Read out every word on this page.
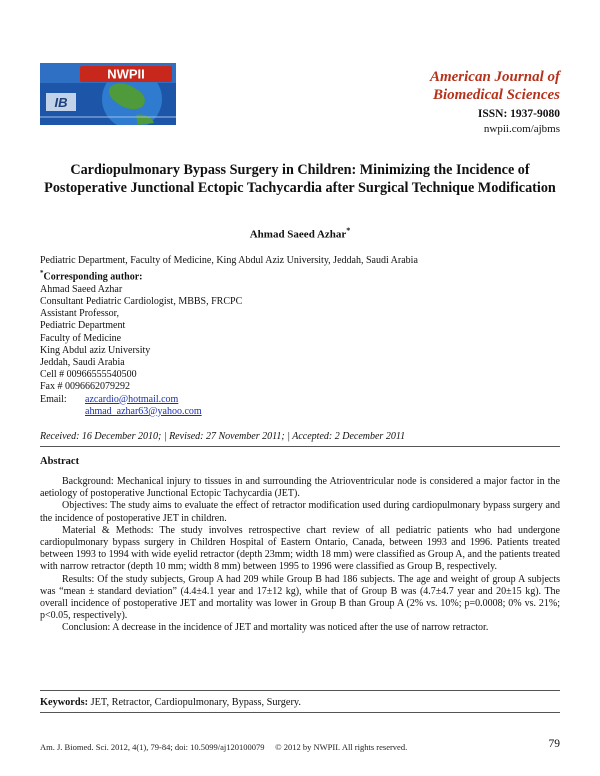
NWPII
IB
American Journal of
Biomedical Sciences
ISSN: 1937-9080
nwpii.com/ajbms
Cardiopulmonary Bypass Surgery in Children: Minimizing the Incidence of Postoperative Junctional Ectopic Tachycardia after Surgical Technique Modification
Ahmad Saeed Azhar*
Pediatric Department, Faculty of Medicine, King Abdul Aziz University, Jeddah, Saudi Arabia
*Corresponding author:
Ahmad Saeed Azhar
Consultant Pediatric Cardiologist, MBBS, FRCPC
Assistant Professor,
Pediatric Department
Faculty of Medicine
King Abdul aziz University
Jeddah, Saudi Arabia
Cell # 00966555540500
Fax # 0096662079292
Email:	azcardio@hotmail.com
ahmad_azhar63@yahoo.com
Received: 16 December 2010; | Revised: 27 November 2011; | Accepted: 2 December 2011
Abstract

Background: Mechanical injury to tissues in and surrounding the Atrioventricular node is considered a major factor in the aetiology of postoperative Junctional Ectopic Tachycardia (JET).

Objectives: The study aims to evaluate the effect of retractor modification used during cardiopulmonary bypass surgery and the incidence of postoperative JET in children.

Material & Methods: The study involves retrospective chart review of all pediatric patients who had undergone cardiopulmonary bypass surgery in Children Hospital of Eastern Ontario, Canada, between 1993 and 1996. Patients treated between 1993 to 1994 with wide eyelid retractor (depth 23mm; width 18 mm) were classified as Group A, and the patients treated with narrow retractor (depth 10 mm; width 8 mm) between 1995 to 1996 were classified as Group B, respectively.

Results: Of the study subjects, Group A had 209 while Group B had 186 subjects. The age and weight of group A subjects was “mean ± standard deviation” (4.4±4.1 year and 17±12 kg), while that of Group B was (4.7±4.7 year and 20±15 kg). The overall incidence of postoperative JET and mortality was lower in Group B than Group A (2% vs. 10%; p=0.0008; 0% vs. 21%; p<0.05, respectively).

Conclusion: A decrease in the incidence of JET and mortality was noticed after the use of narrow retractor.

Keywords: JET, Retractor, Cardiopulmonary, Bypass, Surgery.
Am. J. Biomed. Sci. 2012, 4(1), 79-84; doi: 10.5099/aj120100079     © 2012 by NWPII. All rights reserved.	79
